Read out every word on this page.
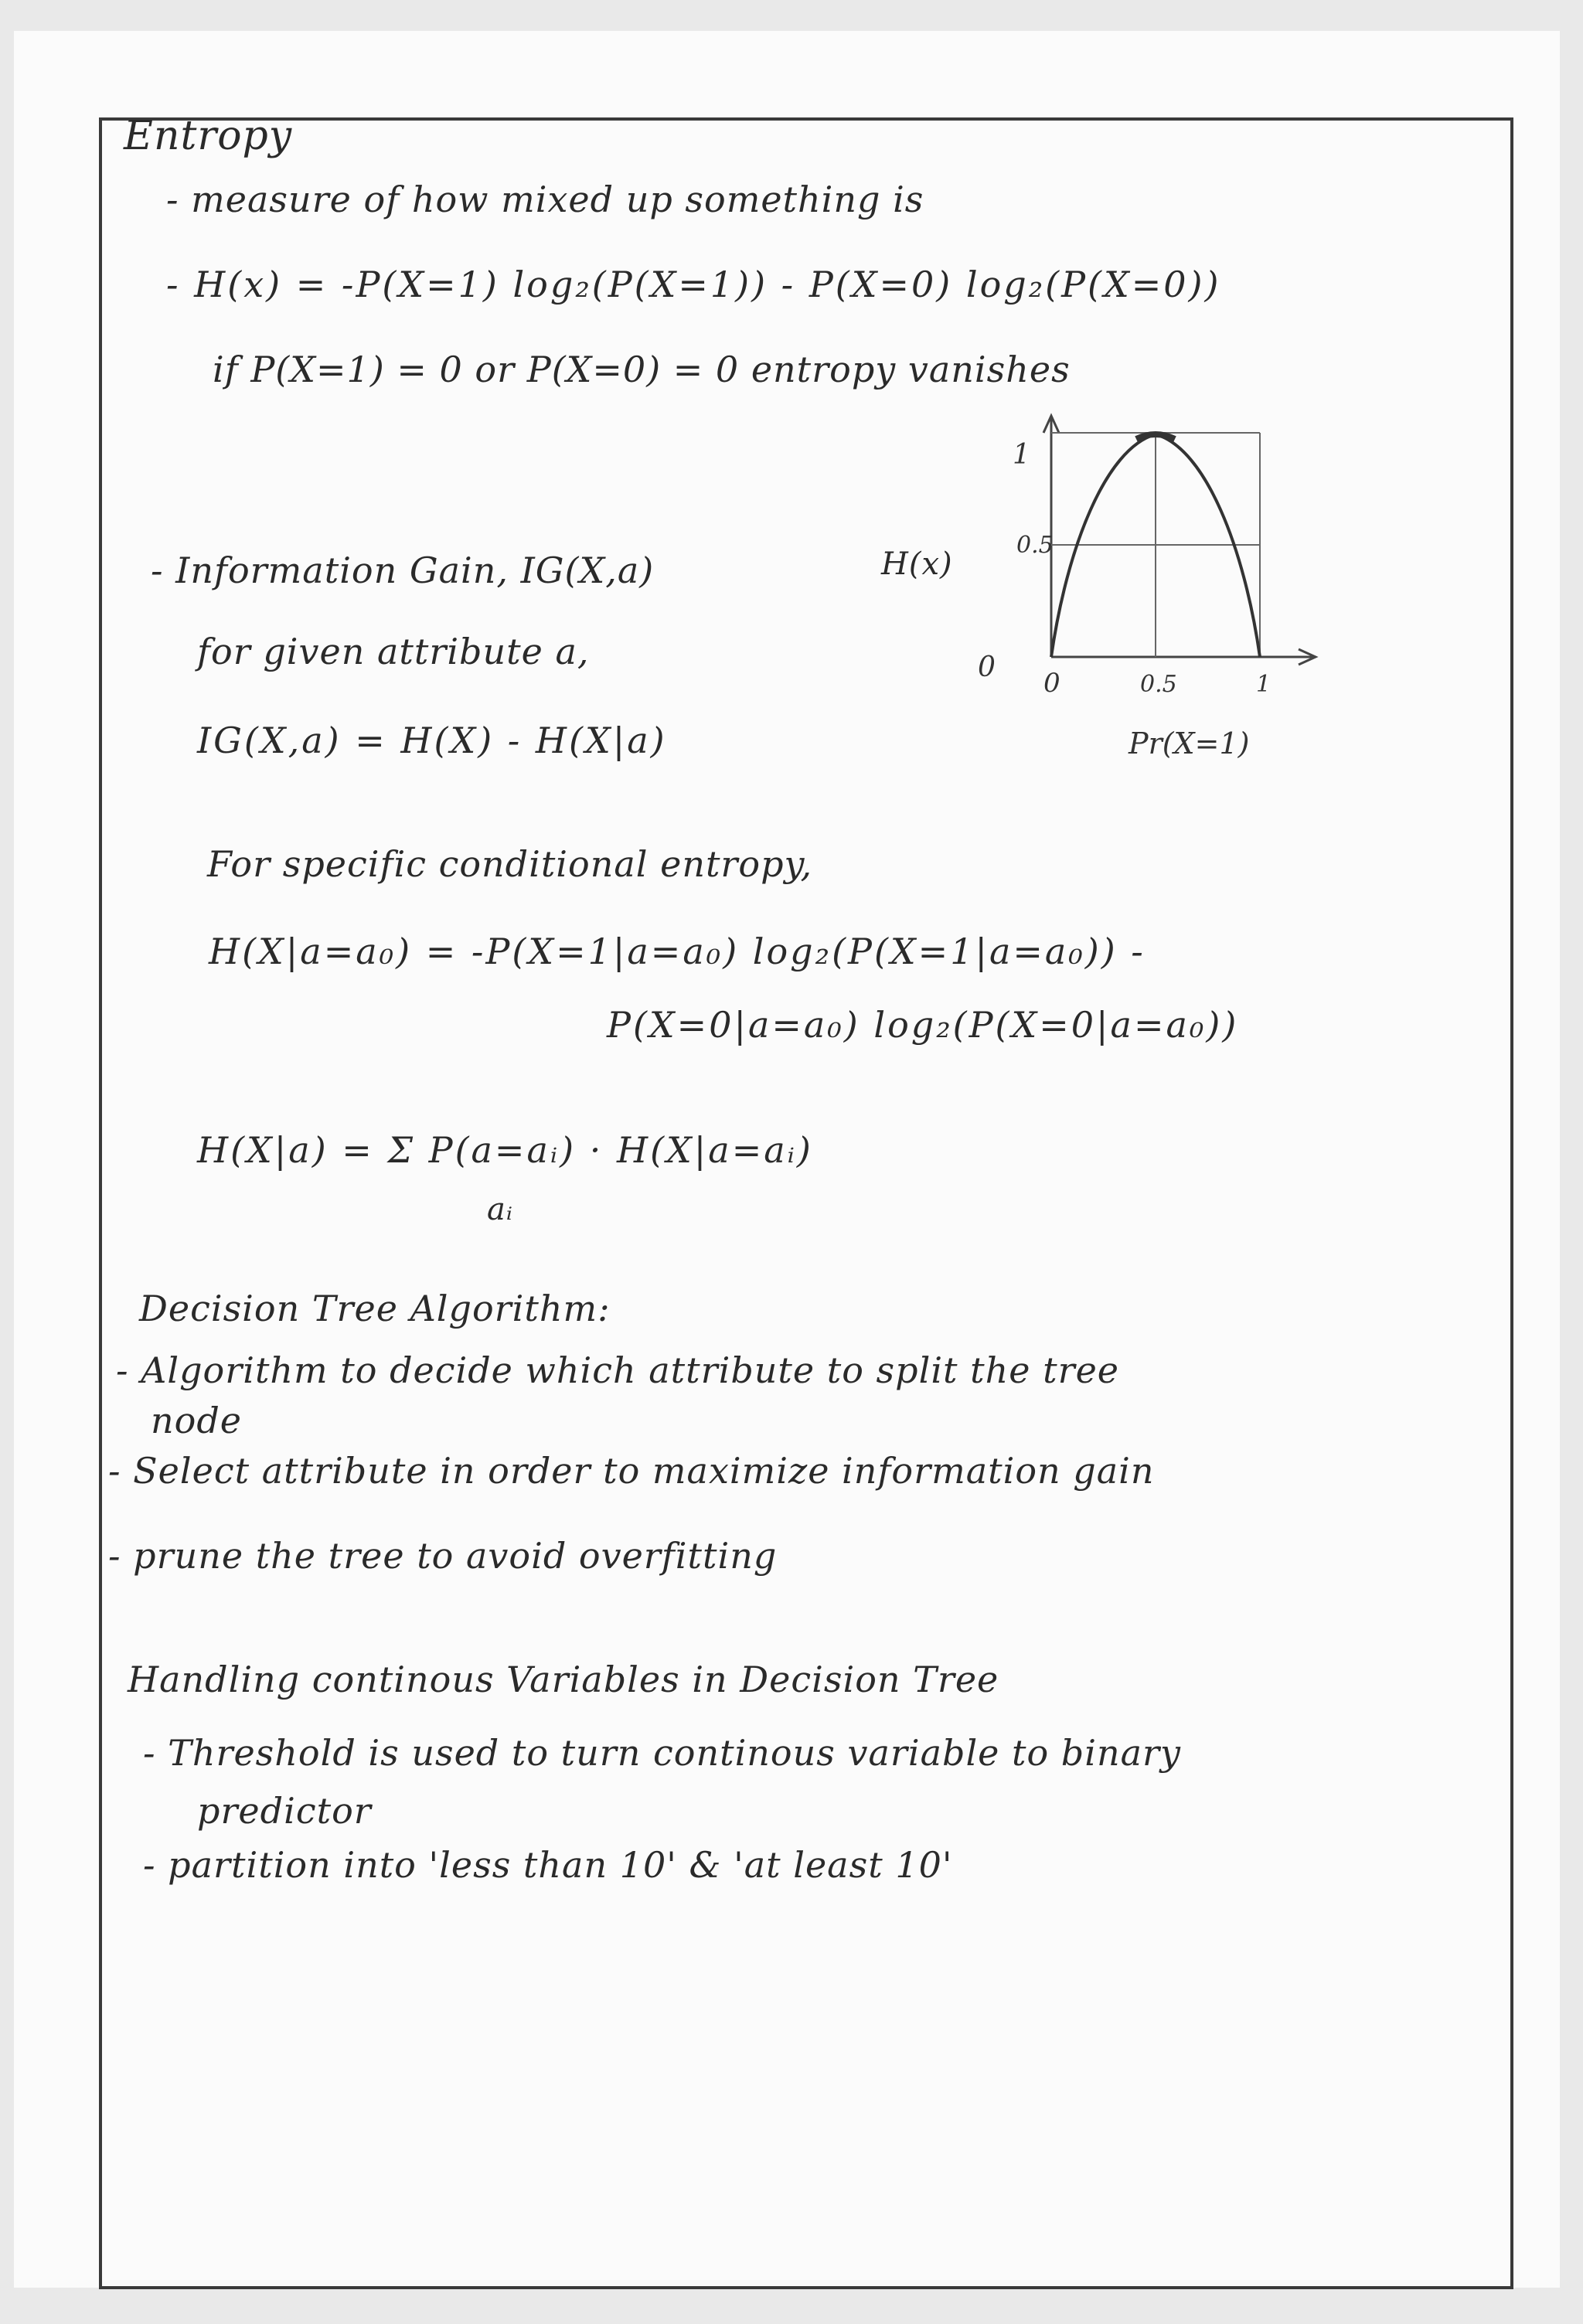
Entropy
- measure of how mixed up something is
- H(x) = -P(X=1) log₂(P(X=1)) - P(X=0) log₂(P(X=0))
if P(X=1) = 0 or P(X=0) = 0 entropy vanishes
1
0.5
0 0	0.5	1
Pr(X=1)
H(x)
- Information Gain, IG(X,a)
for given attribute a,
IG(X,a) = H(X) - H(X|a)
For specific conditional entropy,
H(X|a=a₀) = -P(X=1|a=a₀) log₂(P(X=1|a=a₀)) -
P(X=0|a=a₀) log₂(P(X=0|a=a₀))
H(X|a) = Σ P(a=aᵢ) · H(X|a=aᵢ)
aᵢ
Decision Tree Algorithm:
- Algorithm to decide which attribute to split the tree
node
- Select attribute in order to maximize information gain
- prune the tree to avoid overfitting
Handling continous Variables in Decision Tree
- Threshold is used to turn continous variable to binary
predictor
- partition into 'less than 10' & 'at least 10'
